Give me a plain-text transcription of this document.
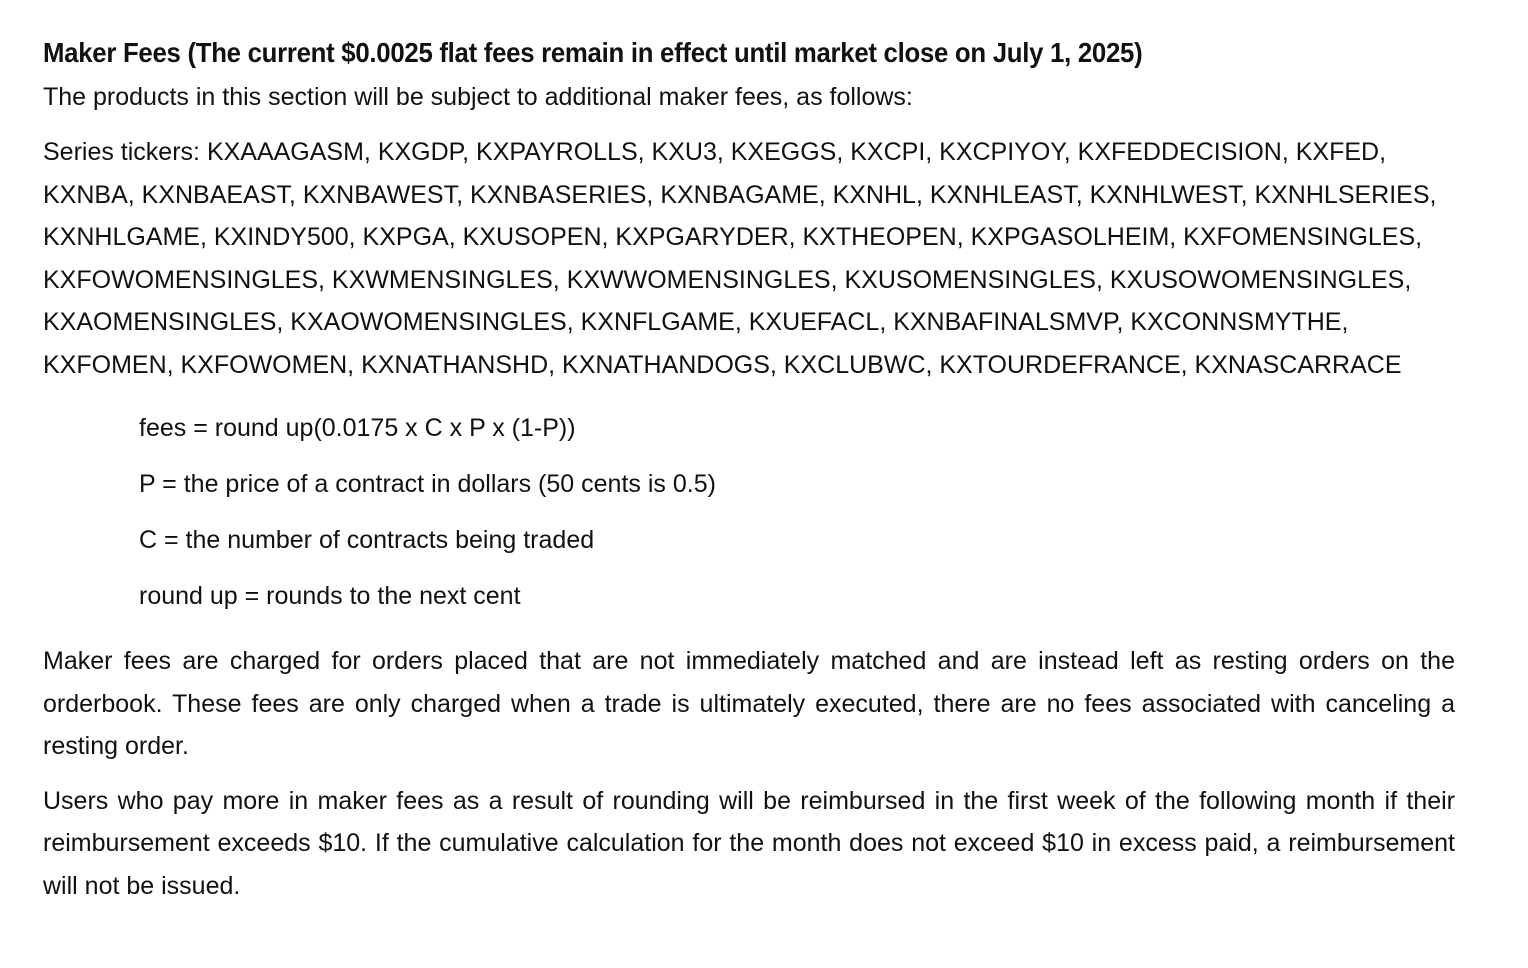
Maker Fees (The current $0.0025 flat fees remain in effect until market close on July 1, 2025)

The products in this section will be subject to additional maker fees, as follows:

Series tickers: KXAAAGASM, KXGDP, KXPAYROLLS, KXU3, KXEGGS, KXCPI, KXCPIYOY, KXFEDDECISION, KXFED, KXNBA, KXNBAEAST, KXNBAWEST, KXNBASERIES, KXNBAGAME, KXNHL, KXNHLEAST, KXNHLWEST, KXNHLSERIES, KXNHLGAME, KXINDY500, KXPGA, KXUSOPEN, KXPGARYDER, KXTHEOPEN, KXPGASOLHEIM, KXFOMENSINGLES, KXFOWOMENSINGLES, KXWMENSINGLES, KXWWOMENSINGLES, KXUSOMENSINGLES, KXUSOWOMENSINGLES, KXAOMENSINGLES, KXAOWOMENSINGLES, KXNFLGAME, KXUEFACL, KXNBAFINALSMVP, KXCONNSMYTHE, KXFOMEN, KXFOWOMEN, KXNATHANSHD, KXNATHANDOGS, KXCLUBWC, KXTOURDEFRANCE, KXNASCARRACE

fees = round up(0.0175 x C x P x (1-P))

P = the price of a contract in dollars (50 cents is 0.5)

C = the number of contracts being traded

round up = rounds to the next cent

Maker fees are charged for orders placed that are not immediately matched and are instead left as resting orders on the orderbook. These fees are only charged when a trade is ultimately executed, there are no fees associated with canceling a resting order.

Users who pay more in maker fees as a result of rounding will be reimbursed in the first week of the following month if their reimbursement exceeds $10. If the cumulative calculation for the month does not exceed $10 in excess paid, a reimbursement will not be issued.
